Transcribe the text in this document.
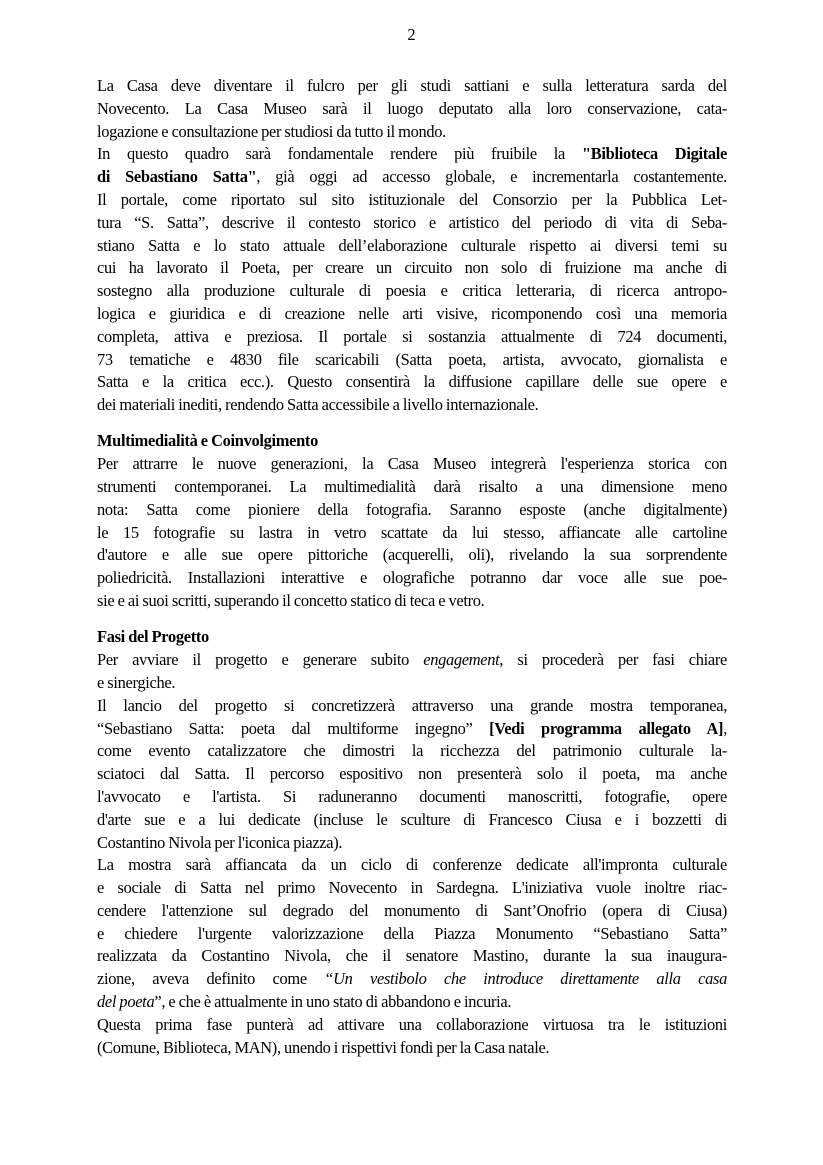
2
La Casa deve diventare il fulcro per gli studi sattiani e sulla letteratura sarda del
Novecento. La Casa Museo sarà il luogo deputato alla loro conservazione, cata-
logazione e consultazione per studiosi da tutto il mondo.
In questo quadro sarà fondamentale rendere più fruibile la "Biblioteca Digitale
di Sebastiano Satta", già oggi ad accesso globale, e incrementarla costantemente.
Il portale, come riportato sul sito istituzionale del Consorzio per la Pubblica Let-
tura “S. Satta”, descrive il contesto storico e artistico del periodo di vita di Seba-
stiano Satta e lo stato attuale dell’elaborazione culturale rispetto ai diversi temi su
cui ha lavorato il Poeta, per creare un circuito non solo di fruizione ma anche di
sostegno alla produzione culturale di poesia e critica letteraria, di ricerca antropo-
logica e giuridica e di creazione nelle arti visive, ricomponendo così una memoria
completa, attiva e preziosa. Il portale si sostanzia attualmente di 724 documenti,
73 tematiche e 4830 file scaricabili (Satta poeta, artista, avvocato, giornalista e
Satta e la critica ecc.). Questo consentirà la diffusione capillare delle sue opere e
dei materiali inediti, rendendo Satta accessibile a livello internazionale.
Multimedialità e Coinvolgimento
Per attrarre le nuove generazioni, la Casa Museo integrerà l'esperienza storica con
strumenti contemporanei. La multimedialità darà risalto a una dimensione meno
nota: Satta come pioniere della fotografia. Saranno esposte (anche digitalmente)
le 15 fotografie su lastra in vetro scattate da lui stesso, affiancate alle cartoline
d'autore e alle sue opere pittoriche (acquerelli, oli), rivelando la sua sorprendente
poliedricità. Installazioni interattive e olografiche potranno dar voce alle sue poe-
sie e ai suoi scritti, superando il concetto statico di teca e vetro.
Fasi del Progetto
Per avviare il progetto e generare subito engagement, si procederà per fasi chiare
e sinergiche.
Il lancio del progetto si concretizzerà attraverso una grande mostra temporanea,
“Sebastiano Satta: poeta dal multiforme ingegno” [Vedi programma allegato A],
come evento catalizzatore che dimostri la ricchezza del patrimonio culturale la-
sciatoci dal Satta. Il percorso espositivo non presenterà solo il poeta, ma anche
l'avvocato e l'artista. Si raduneranno documenti manoscritti, fotografie, opere
d'arte sue e a lui dedicate (incluse le sculture di Francesco Ciusa e i bozzetti di
Costantino Nivola per l'iconica piazza).
La mostra sarà affiancata da un ciclo di conferenze dedicate all'impronta culturale
e sociale di Satta nel primo Novecento in Sardegna. L'iniziativa vuole inoltre riac-
cendere l'attenzione sul degrado del monumento di Sant’Onofrio (opera di Ciusa)
e chiedere l'urgente valorizzazione della Piazza Monumento “Sebastiano Satta”
realizzata da Costantino Nivola, che il senatore Mastino, durante la sua inaugura-
zione, aveva definito come “Un vestibolo che introduce direttamente alla casa
del poeta”, e che è attualmente in uno stato di abbandono e incuria.
Questa prima fase punterà ad attivare una collaborazione virtuosa tra le istituzioni
(Comune, Biblioteca, MAN), unendo i rispettivi fondi per la Casa natale.
